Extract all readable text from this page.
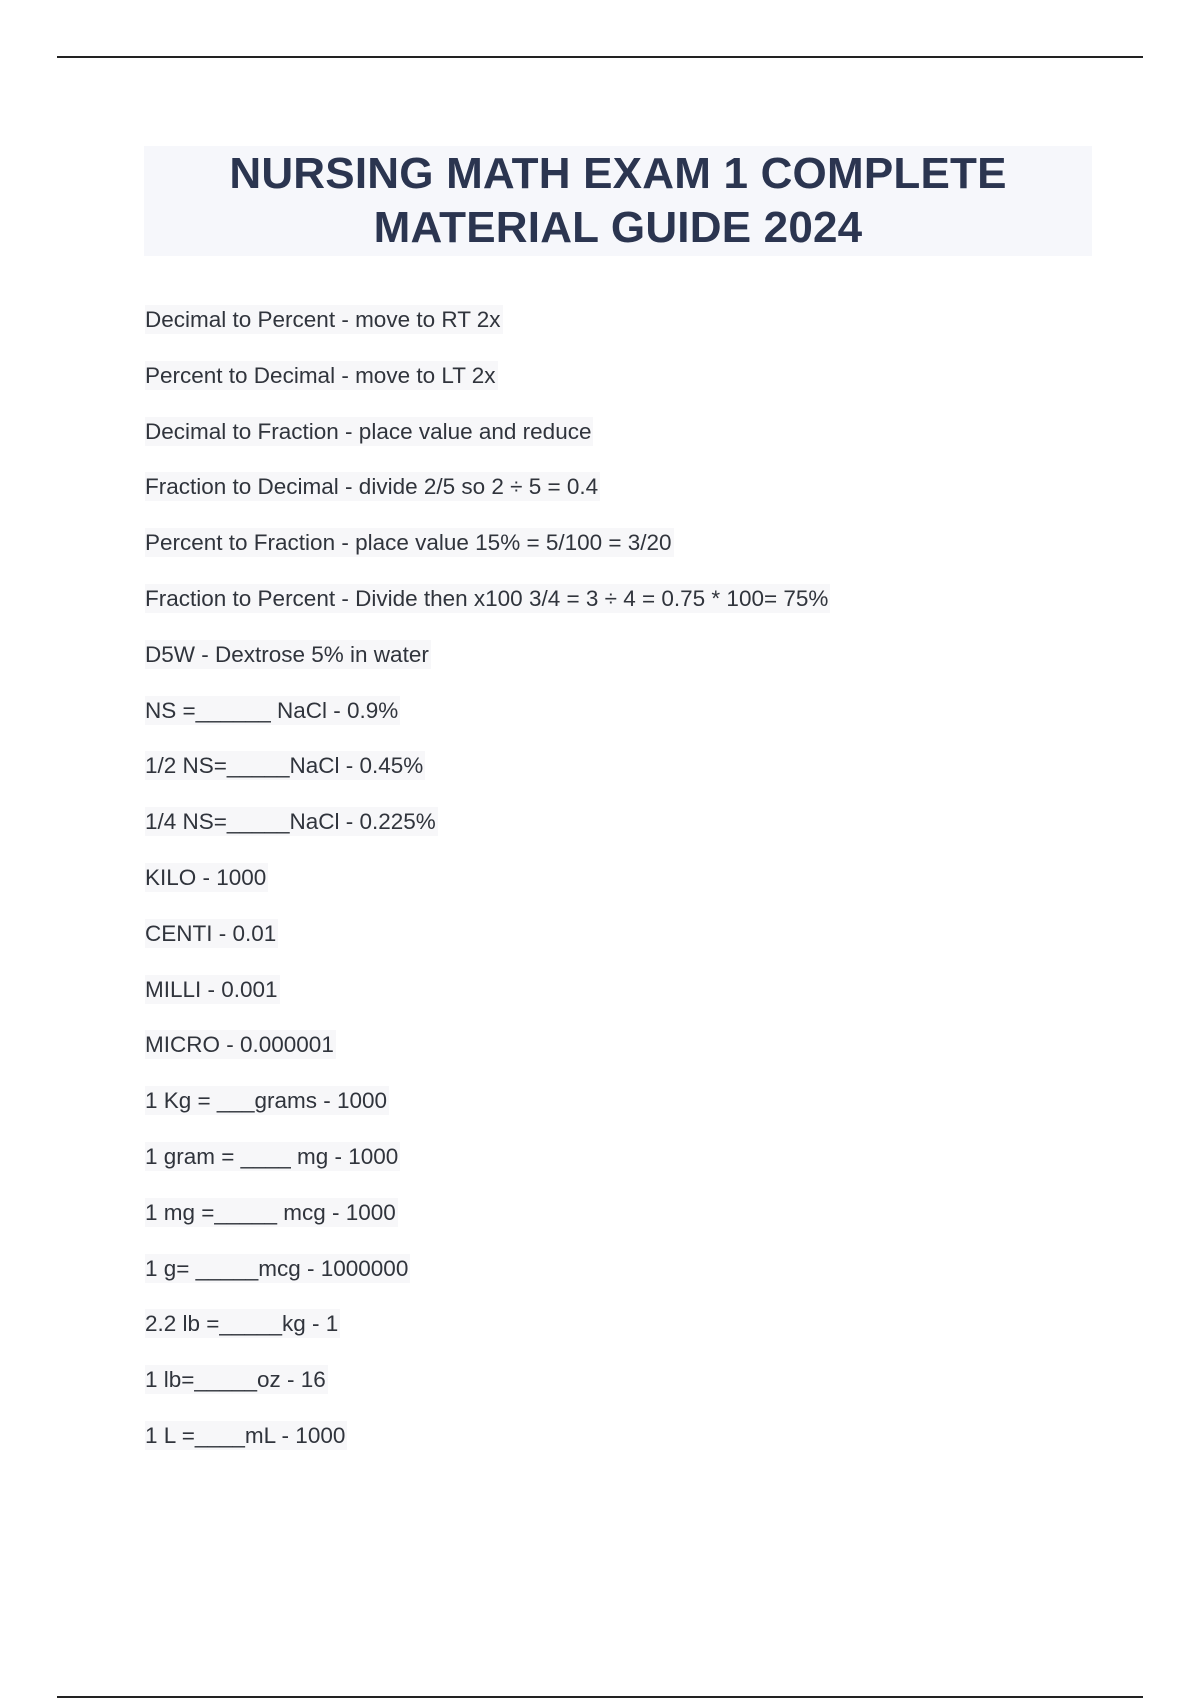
NURSING MATH EXAM 1 COMPLETE
MATERIAL GUIDE 2024
Decimal to Percent - move to RT 2x
Percent to Decimal - move to LT 2x
Decimal to Fraction - place value and reduce
Fraction to Decimal - divide 2/5 so 2 ÷ 5 = 0.4
Percent to Fraction - place value 15% = 5/100 = 3/20
Fraction to Percent - Divide then x100 3/4 = 3 ÷ 4 = 0.75 * 100= 75%
D5W - Dextrose 5% in water
NS =______ NaCl - 0.9%
1/2 NS=_____NaCl - 0.45%
1/4 NS=_____NaCl - 0.225%
KILO - 1000
CENTI - 0.01
MILLI - 0.001
MICRO - 0.000001
1 Kg = ___grams - 1000
1 gram = ____ mg - 1000
1 mg =_____ mcg - 1000
1 g= _____mcg - 1000000
2.2 lb =_____kg - 1
1 lb=_____oz - 16
1 L =____mL - 1000
